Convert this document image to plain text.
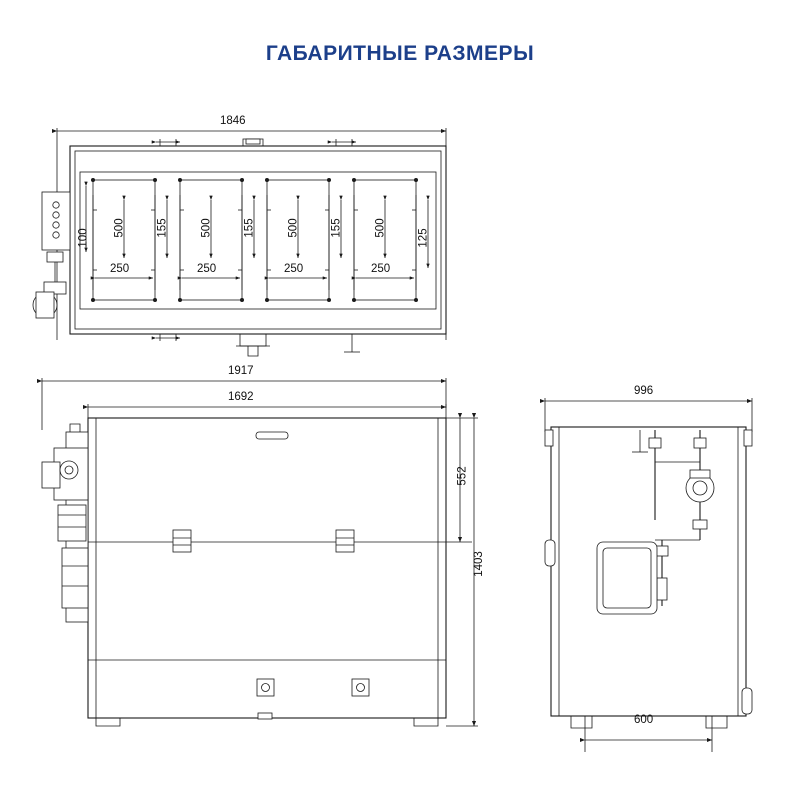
ГАБАРИТНЫЕ РАЗМЕРЫ
1846
100
500	155	500	155	500	155	500
125
250	250	250	250
1917
1692
552
1403
996
600
